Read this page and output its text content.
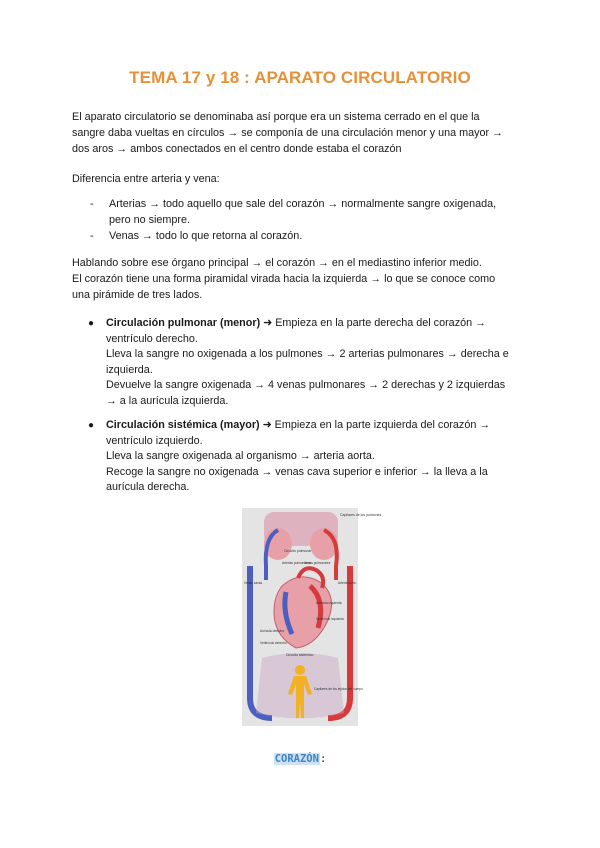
TEMA 17 y 18 : APARATO CIRCULATORIO
El aparato circulatorio se denominaba así porque era un sistema cerrado en el que la
sangre daba vueltas en círculos → se componía de una circulación menor y una mayor →
dos aros → ambos conectados en el centro donde estaba el corazón
Diferencia entre arteria y vena:
- Arterias → todo aquello que sale del corazón → normalmente sangre oxigenada,
pero no siempre.
- Venas → todo lo que retorna al corazón.
Hablando sobre ese órgano principal → el corazón → en el mediastino inferior medio.
El corazón tiene una forma piramidal virada hacia la izquierda → lo que se conoce como
una pirámide de tres lados.
● Circulación pulmonar (menor) ➜ Empieza en la parte derecha del corazón →
ventrículo derecho.
Lleva la sangre no oxigenada a los pulmones → 2 arterias pulmonares → derecha e
izquierda.
Devuelve la sangre oxigenada → 4 venas pulmonares → 2 derechas y 2 izquierdas
→ a la aurícula izquierda.
● Circulación sistémica (mayor) ➜ Empieza en la parte izquierda del corazón →
ventrículo izquierdo.
Lleva la sangre oxigenada al organismo → arteria aorta.
Recoge la sangre no oxigenada → venas cava superior e inferior → la lleva a la
aurícula derecha.
Capilares de los pulmones
Circuito pulmonar
Arterias pulmonares
Venas pulmonares
Venas cavas	Arteria aorta
Aurícula izquierda
Ventrículo izquierdo
Aurícula derecha
Ventrículo derecho
Circuito sistémico
Capilares de los tejidos del cuerpo
CORAZÓN:
